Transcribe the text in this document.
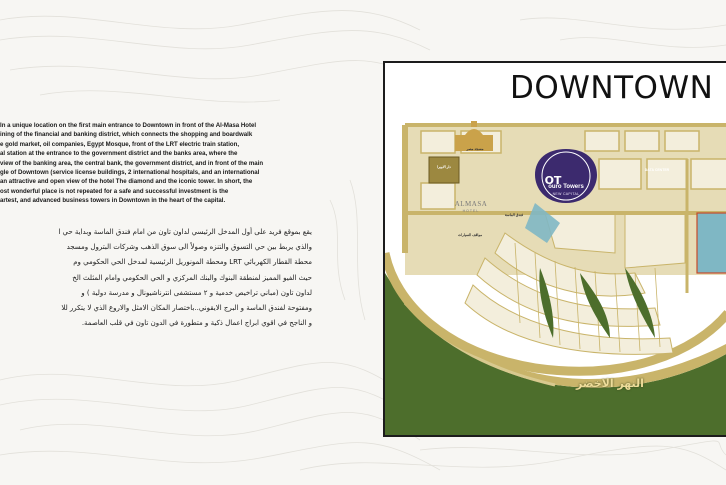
In a unique location on the first main entrance to Downtown in front of the Al-Masa Hotel
ining of the financial and banking district, which connects the shopping and boardwalk
e gold market, oil companies, Egypt Mosque, front of the LRT electric train station,
al station at the entrance to the government district and the banks area, where the
view of the banking area, the central bank, the government district, and in front of the main
gle of Downtown (service license buildings, 2 international hospitals, and an international
an attractive and open view of the hotel The diamond and the iconic tower. In short, the
ost wonderful place is not repeated for a safe and successful investment is the
artest, and advanced business towers in Downtown in the heart of the capital.
يقع بموقع فريد على أول المدخل الرئيسي لداون تاون من امام فندق الماسة وبداية حي ا
والذي يربط بين حي التسوق والتنزه وصولاً الى سوق الذهب وشركات البترول ومسجد
محطة القطار الكهربائي LRT ومحطة المونوريل الرئيسية لمدخل الحي الحكومي وم
حيث الفيو المميز لمنطقة البنوك والبنك المركزي و الحي الحكومي وامام المثلث الخ
لداون تاون (مباني تراخيص خدمية و ٢ مستشفى انترناشيونال و مدرسة دولية ) و
ومفتوحة لفندق الماسة و البرج الايقوني..باختصار المكان الامثل والاروع الذي لا يتكرر للا
و الناجح في اقوي ابراج اعمال ذكية و متطورة في الدون تاون في قلب العاصمة.
DOWNTOWN
OT
ouro Towers
NEW CAPITAL
ALMASA
HOTEL
DATA CENTER
دار الاوبرا
فندق الماسة
مواقف السيارات
مسجد مصر
النهر الاخضر
